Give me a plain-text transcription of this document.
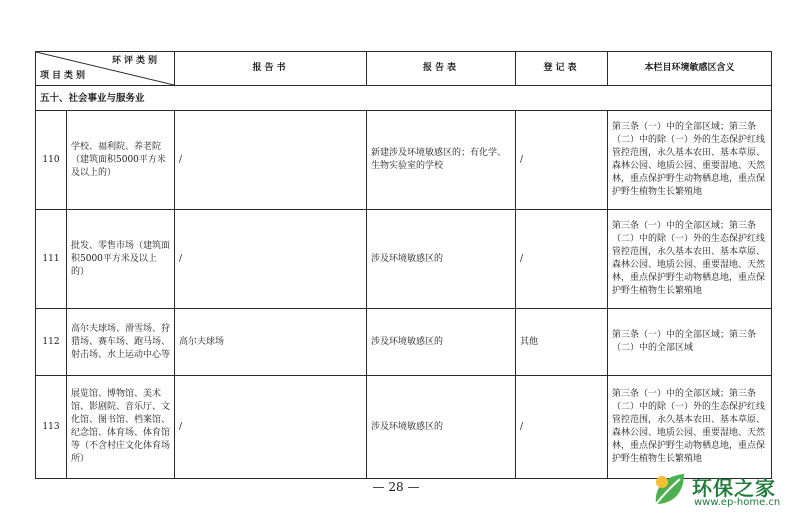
环评类别
项目类别		报告书	报告表	登记表	本栏目环境敏感区含义
五十、社会事业与服务业					
110	学校、福利院、养老院（建筑面积5000平方米及以上的）	/	新建涉及环境敏感区的；有化学、生物实验室的学校	/	第三条（一）中的全部区域；第三条（二）中的除（一）外的生态保护红线管控范围，永久基本农田、基本草原、森林公园、地质公园、重要湿地、天然林，重点保护野生动物栖息地，重点保护野生植物生长繁殖地
111	批发、零售市场（建筑面积5000平方米及以上的）	/	涉及环境敏感区的	/	第三条（一）中的全部区域；第三条（二）中的除（一）外的生态保护红线管控范围，永久基本农田、基本草原、森林公园、地质公园、重要湿地、天然林，重点保护野生动物栖息地，重点保护野生植物生长繁殖地
112	高尔夫球场、滑雪场、狩猎场、赛车场、跑马场、射击场、水上运动中心等	高尔夫球场	涉及环境敏感区的	其他	第三条（一）中的全部区域；第三条（二）中的全部区域
113	展览馆、博物馆、美术馆、影剧院、音乐厅、文化馆、图书馆、档案馆、纪念馆、体育场、体育馆等（不含村庄文化体育场所）	/	涉及环境敏感区的	/	第三条（一）中的全部区域；第三条（二）中的除（一）外的生态保护红线管控范围，永久基本农田、基本草原、森林公园、地质公园、重要湿地、天然林，重点保护野生动物栖息地，重点保护野生植物生长繁殖地
— 28 —	环保之家
www.ep-home.cn
